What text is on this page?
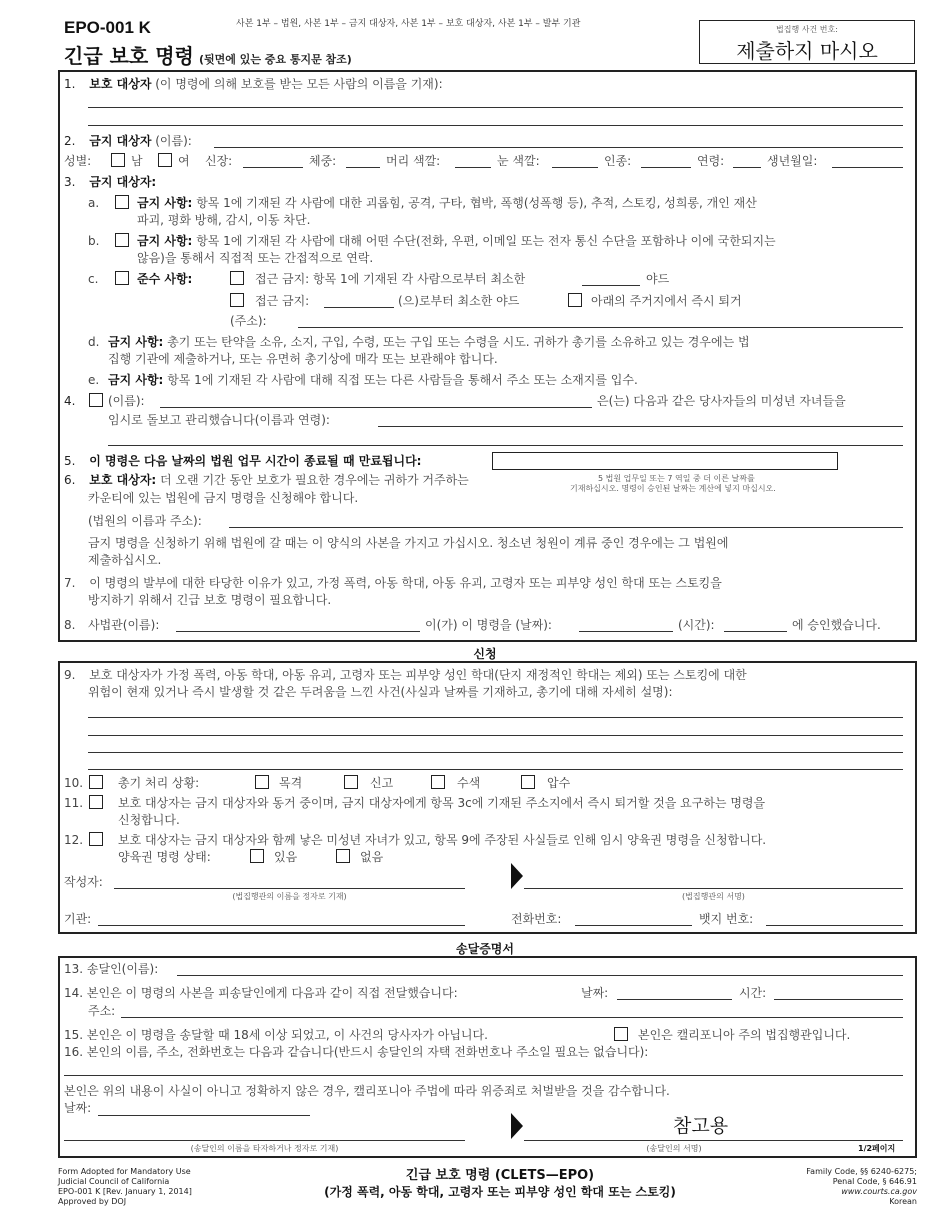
EPO-001 K	사본 1부 – 법원, 사본 1부 – 금지 대상자, 사본 1부 – 보호 대상자, 사본 1부 – 발부 기관
긴급 보호 명령 (뒷면에 있는 중요 통지문 참조)
법집행 사건 번호:
제출하지 마시오
1. 보호 대상자 (이 명령에 의해 보호를 받는 모든 사람의 이름을 기재):
2. 금지 대상자 (이름):
성별:	남	여 신장:	체중:	머리 색깔:	눈 색깔:	인종:	연령:	생년월일:
3. 금지 대상자:
a.	금지 사항: 항목 1에 기재된 각 사람에 대한 괴롭힘, 공격, 구타, 협박, 폭행(성폭행 등), 추적, 스토킹, 성희롱, 개인 재산
파괴, 평화 방해, 감시, 이동 차단.
b.	금지 사항: 항목 1에 기재된 각 사람에 대해 어떤 수단(전화, 우편, 이메일 또는 전자 통신 수단을 포함하나 이에 국한되지는
않음)을 통해서 직접적 또는 간접적으로 연락.
c.	준수 사항:	접근 금지: 항목 1에 기재된 각 사람으로부터 최소한	야드
접근 금지:	(으)로부터 최소한 야드	아래의 주거지에서 즉시 퇴거
(주소):
d. 금지 사항: 총기 또는 탄약을 소유, 소지, 구입, 수령, 또는 구입 또는 수령을 시도. 귀하가 총기를 소유하고 있는 경우에는 법
집행 기관에 제출하거나, 또는 유면허 총기상에 매각 또는 보관해야 합니다.
e. 금지 사항: 항목 1에 기재된 각 사람에 대해 직접 또는 다른 사람들을 통해서 주소 또는 소재지를 입수.
4.	(이름):	은(는) 다음과 같은 당사자들의 미성년 자녀들을
임시로 돌보고 관리했습니다(이름과 연령):
5. 이 명령은 다음 날짜의 법원 업무 시간이 종료될 때 만료됩니다:
6. 보호 대상자: 더 오랜 기간 동안 보호가 필요한 경우에는 귀하가 거주하는	5 법원 업무일 또는 7 역일 중 더 이른 날짜를
기재하십시오. 명령이 승인된 날짜는 계산에 넣지 마십시오.
카운티에 있는 법원에 금지 명령을 신청해야 합니다.
(법원의 이름과 주소):
금지 명령을 신청하기 위해 법원에 갈 때는 이 양식의 사본을 가지고 가십시오. 청소년 청원이 계류 중인 경우에는 그 법원에
제출하십시오.
7. 이 명령의 발부에 대한 타당한 이유가 있고, 가정 폭력, 아동 학대, 아동 유괴, 고령자 또는 피부양 성인 학대 또는 스토킹을
방지하기 위해서 긴급 보호 명령이 필요합니다.
8. 사법관(이름):	이(가) 이 명령을 (날짜):	(시간):	에 승인했습니다.
신청
9. 보호 대상자가 가정 폭력, 아동 학대, 아동 유괴, 고령자 또는 피부양 성인 학대(단지 재정적인 학대는 제외) 또는 스토킹에 대한
위험이 현재 있거나 즉시 발생할 것 같은 두려움을 느낀 사건(사실과 날짜를 기재하고, 총기에 대해 자세히 설명):
10.	총기 처리 상황:	목격	신고	수색	압수
11.	보호 대상자는 금지 대상자와 동거 중이며, 금지 대상자에게 항목 3c에 기재된 주소지에서 즉시 퇴거할 것을 요구하는 명령을
신청합니다.
12.	보호 대상자는 금지 대상자와 함께 낳은 미성년 자녀가 있고, 항목 9에 주장된 사실들로 인해 임시 양육권 명령을 신청합니다.
양육권 명령 상태:	있음	없음
작성자:
(법집행관의 이름을 정자로 기재)	(법집행관의 서명)
기관:	전화번호:	뱃지 번호:
송달증명서
13. 송달인(이름):
14. 본인은 이 명령의 사본을 피송달인에게 다음과 같이 직접 전달했습니다:	날짜:	시간:
주소:
15. 본인은 이 명령을 송달할 때 18세 이상 되었고, 이 사건의 당사자가 아닙니다.	본인은 캘리포니아 주의 법집행관입니다.
16. 본인의 이름, 주소, 전화번호는 다음과 같습니다(반드시 송달인의 자택 전화번호나 주소일 필요는 없습니다):
본인은 위의 내용이 사실이 아니고 정확하지 않은 경우, 캘리포니아 주법에 따라 위증죄로 처벌받을 것을 감수합니다.
날짜:
(송달인의 이름을 타자하거나 정자로 기재)
참고용
(송달인의 서명)	1/2페이지
Form Adopted for Mandatory Use
Judicial Council of California
EPO-001 K [Rev. January 1, 2014]
Approved by DOJ
긴급 보호 명령 (CLETS—EPO)
(가정 폭력, 아동 학대, 고령자 또는 피부양 성인 학대 또는 스토킹)
Family Code, §§ 6240-6275;
Penal Code, § 646.91
www.courts.ca.gov
Korean
